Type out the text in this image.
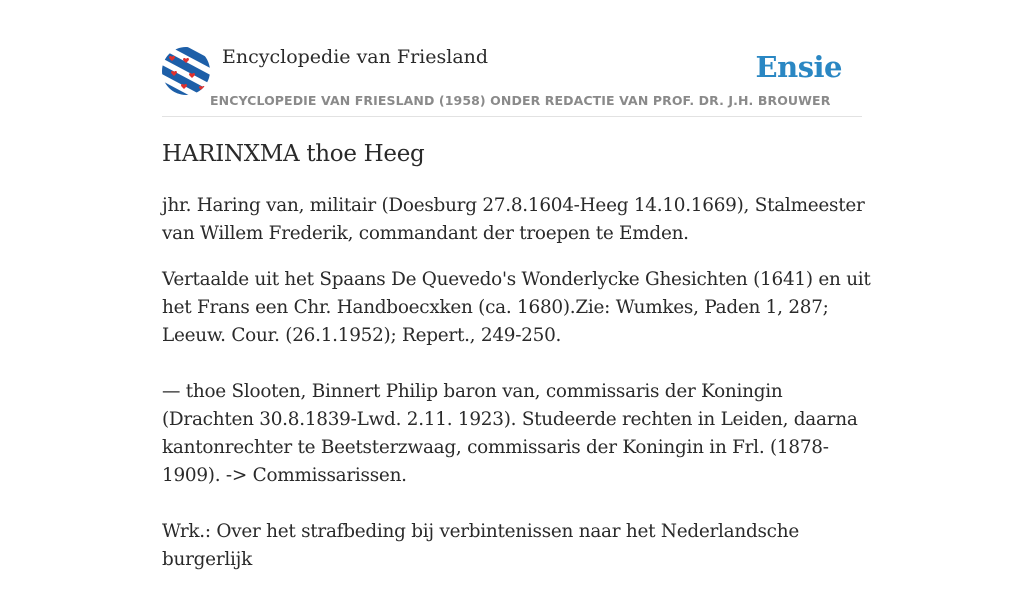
Encyclopedie van Friesland	Ensie
ENCYCLOPEDIE VAN FRIESLAND (1958) ONDER REDACTIE VAN PROF. DR. J.H. BROUWER
HARINXMA thoe Heeg

jhr. Haring van, militair (Doesburg 27.8.1604-Heeg 14.10.1669), Stalmeester van Willem Frederik, commandant der troepen te Emden.

Vertaalde uit het Spaans De Quevedo's Wonderlycke Ghesichten (1641) en uit het Frans een Chr. Handboecxken (ca. 1680).Zie: Wumkes, Paden 1, 287; Leeuw. Cour. (26.1.1952); Repert., 249-250.

— thoe Slooten, Binnert Philip baron van, commissaris der Koningin (Drachten 30.8.1839-Lwd. 2.11. 1923). Studeerde rechten in Leiden, daarna kantonrechter te Beetsterzwaag, commissaris der Koningin in Frl. (1878-1909). -> Commissarissen.

Wrk.: Over het strafbeding bij verbintenissen naar het Nederlandsche burgerlijk
